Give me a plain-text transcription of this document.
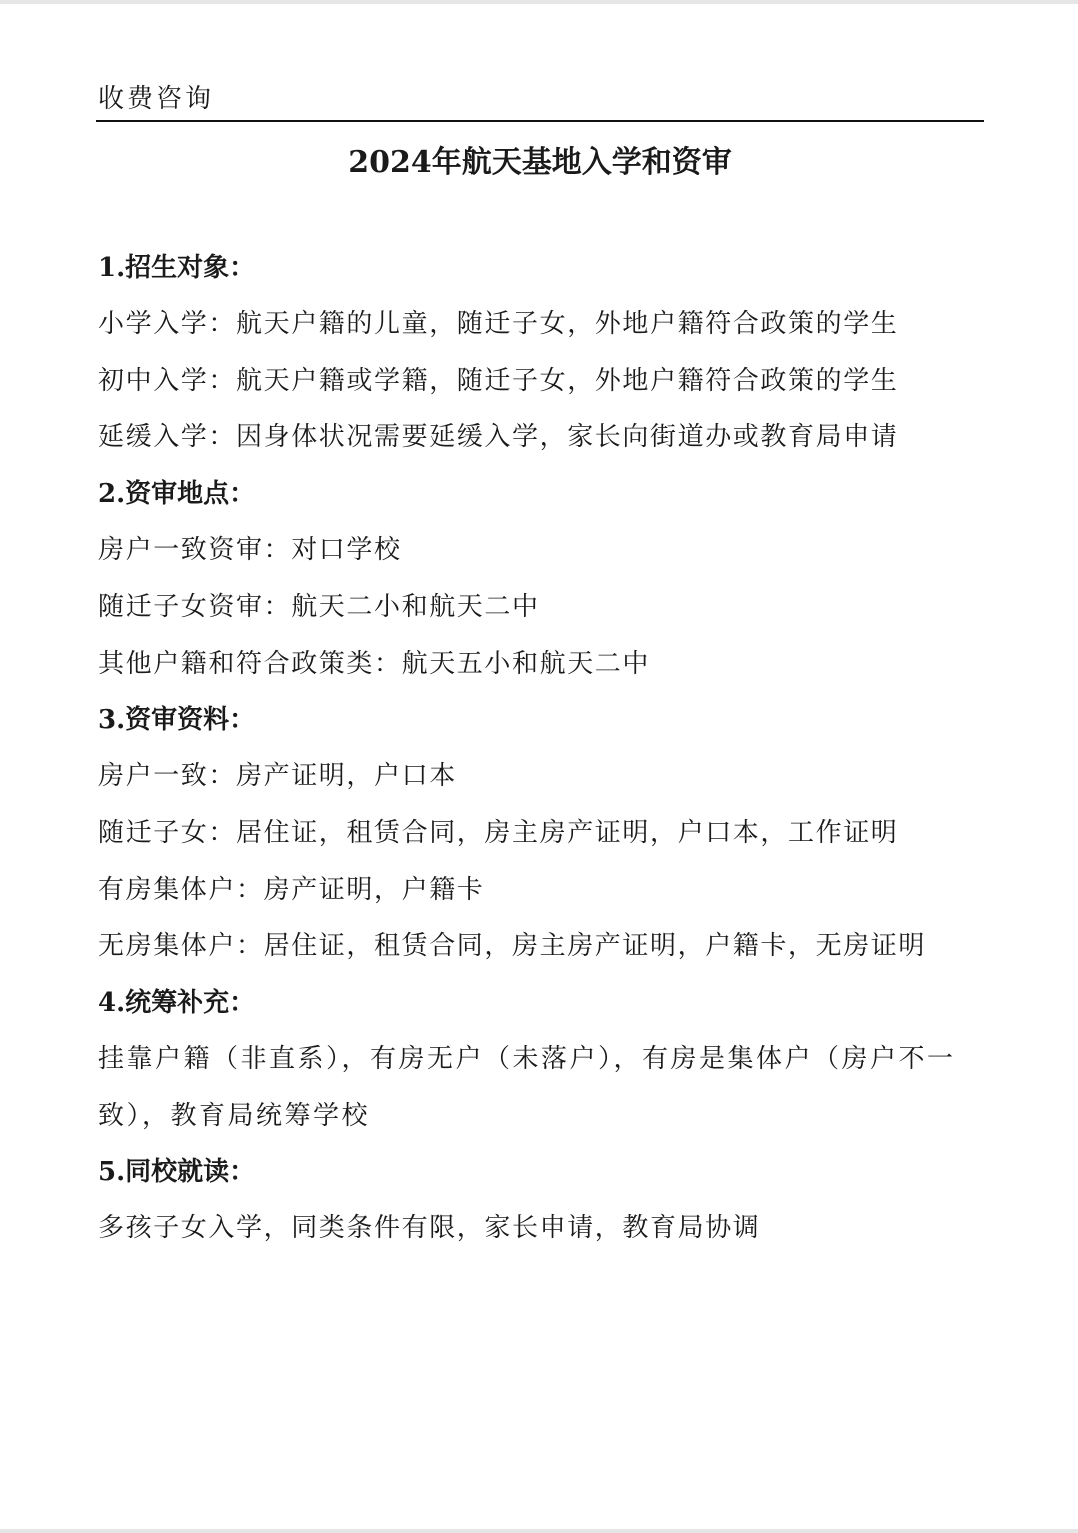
收费咨询
2024年航天基地入学和资审
1.招生对象：
小学入学：航天户籍的儿童，随迁子女，外地户籍符合政策的学生
初中入学：航天户籍或学籍，随迁子女，外地户籍符合政策的学生
延缓入学：因身体状况需要延缓入学，家长向街道办或教育局申请
2.资审地点：
房户一致资审：对口学校
随迁子女资审：航天二小和航天二中
其他户籍和符合政策类：航天五小和航天二中
3.资审资料：
房户一致：房产证明，户口本
随迁子女：居住证，租赁合同，房主房产证明，户口本，工作证明
有房集体户：房产证明，户籍卡
无房集体户：居住证，租赁合同，房主房产证明，户籍卡，无房证明
4.统筹补充：
挂靠户籍（非直系），有房无户（未落户），有房是集体户（房户不一致），教育局统筹学校
5.同校就读：
多孩子女入学，同类条件有限，家长申请，教育局协调
